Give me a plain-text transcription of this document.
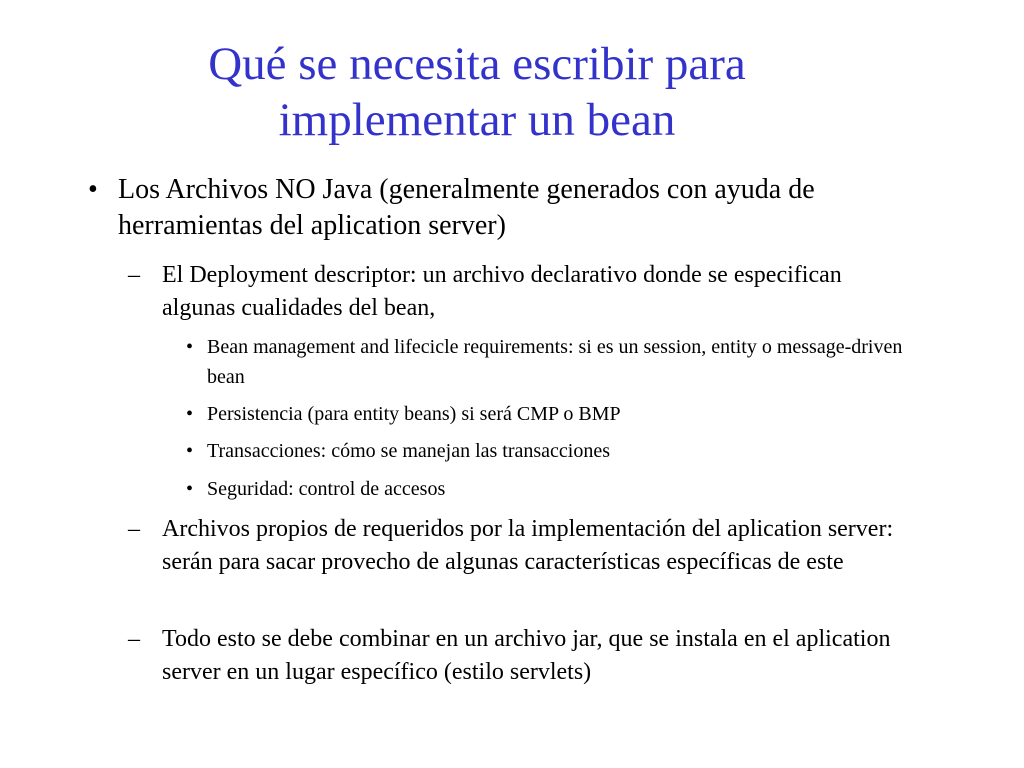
Qué se necesita escribir para
implementar un bean
• Los Archivos NO Java (generalmente generados con ayuda de herramientas del aplication server)
– El Deployment descriptor: un archivo declarativo donde se especifican algunas cualidades del bean,
• Bean management and lifecicle requirements: si es un session, entity o message-driven bean
• Persistencia (para entity beans) si será CMP o BMP
• Transacciones: cómo se manejan las transacciones
• Seguridad: control de accesos
– Archivos propios de requeridos por la implementación del aplication server: serán para sacar provecho de algunas características específicas de este
– Todo esto se debe combinar en un archivo jar, que se instala en el aplication server en un lugar específico (estilo servlets)
